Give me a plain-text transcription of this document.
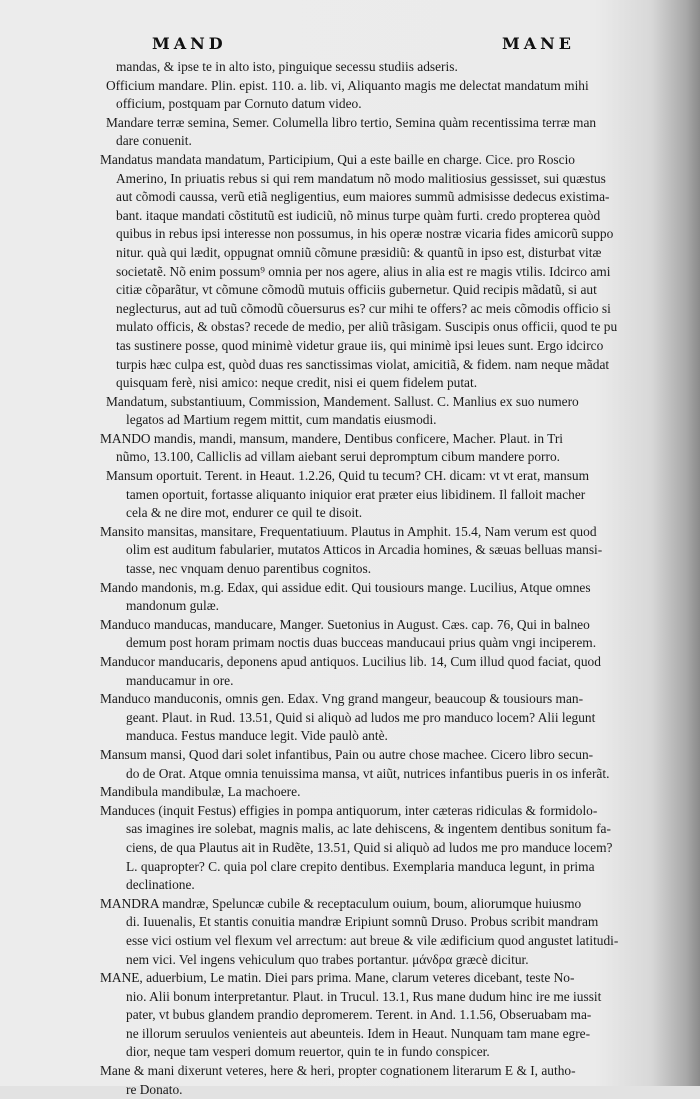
MAND	MANE
mandas, & ipse te in alto isto, pinguique secessu studiis adseris.
Officium mandare. Plin. epist. 110. a. lib. vi, Aliquanto magis me delectat mandatum mihi
officium, postquam par Cornuto datum video.
Mandare terræ semina, Semer. Columella libro tertio, Semina quàm recentissima terræ man
dare conuenit.
Mandatus mandata mandatum, Participium, Qui a este baille en charge. Cice. pro Roscio
Amerino, In priuatis rebus si qui rem mandatum nõ modo malitiosius gessisset, sui quæstus
aut cõmodi caussa, verũ etiã negligentius, eum maiores summũ admisisse dedecus existima-
bant. itaque mandati cõstitutũ est iudiciũ, nõ minus turpe quàm furti. credo propterea quòd
quibus in rebus ipsi interesse non possumus, in his operæ nostræ vicaria fides amicorũ suppo
nitur. quà qui lædit, oppugnat omniũ cõmune præsidiũ: & quantũ in ipso est, disturbat vitæ
societatẽ. Nõ enim possum⁹ omnia per nos agere, alius in alia est re magis vtilis. Idcirco ami
citiæ cõparãtur, vt cõmune cõmodũ mutuis officiis gubernetur. Quid recipis mãdatũ, si aut
neglecturus, aut ad tuũ cõmodũ cõuersurus es? cur mihi te offers? ac meis cõmodis officio si
mulato officis, & obstas? recede de medio, per aliũ trãsigam. Suscipis onus officii, quod te pu
tas sustinere posse, quod minimè videtur graue iis, qui minimè ipsi leues sunt. Ergo idcirco
turpis hæc culpa est, quòd duas res sanctissimas violat, amicitiã, & fidem. nam neque mãdat
quisquam ferè, nisi amico: neque credit, nisi ei quem fidelem putat.
Mandatum, substantiuum, Commission, Mandement. Sallust. C. Manlius ex suo numero
legatos ad Martium regem mittit, cum mandatis eiusmodi.
MANDO mandis, mandi, mansum, mandere, Dentibus conficere, Macher. Plaut. in Tri
nũmo, 13.100, Calliclis ad villam aiebant serui depromptum cibum mandere porro.
Mansum oportuit. Terent. in Heaut. 1.2.26, Quid tu tecum? CH. dicam: vt vt erat, mansum
tamen oportuit, fortasse aliquanto iniquior erat præter eius libidinem. Il falloit macher
cela & ne dire mot, endurer ce quil te disoit.
Mansito mansitas, mansitare, Frequentatiuum. Plautus in Amphit. 15.4, Nam verum est quod
olim est auditum fabularier, mutatos Atticos in Arcadia homines, & sæuas belluas mansi-
tasse, nec vnquam denuo parentibus cognitos.
Mando mandonis, m.g. Edax, qui assidue edit. Qui tousiours mange. Lucilius, Atque omnes
mandonum gulæ.
Manduco manducas, manducare, Manger. Suetonius in August. Cæs. cap. 76, Qui in balneo
demum post horam primam noctis duas bucceas manducaui prius quàm vngi inciperem.
Manducor manducaris, deponens apud antiquos. Lucilius lib. 14, Cum illud quod faciat, quod
manducamur in ore.
Manduco manduconis, omnis gen. Edax. Vng grand mangeur, beaucoup & tousiours man-
geant. Plaut. in Rud. 13.51, Quid si aliquò ad ludos me pro manduco locem? Alii legunt
manduca. Festus manduce legit. Vide paulò antè.
Mansum mansi, Quod dari solet infantibus, Pain ou autre chose machee. Cicero libro secun-
do de Orat. Atque omnia tenuissima mansa, vt aiũt, nutrices infantibus pueris in os inferãt.
Mandibula mandibulæ, La machoere.
Manduces (inquit Festus) effigies in pompa antiquorum, inter cæteras ridiculas & formidolo-
sas imagines ire solebat, magnis malis, ac late dehiscens, & ingentem dentibus sonitum fa-
ciens, de qua Plautus ait in Rudẽte, 13.51, Quid si aliquò ad ludos me pro manduce locem?
L. quapropter? C. quia pol clare crepito dentibus. Exemplaria manduca legunt, in prima
declinatione.
MANDRA mandræ, Speluncæ cubile & receptaculum ouium, boum, aliorumque huiusmo
di. Iuuenalis, Et stantis conuitia mandræ Eripiunt somnũ Druso. Probus scribit mandram
esse vici ostium vel flexum vel arrectum: aut breue & vile ædificium quod angustet latitudi-
nem vici. Vel ingens vehiculum quo trabes portantur. μάνδρα græcè dicitur.
MANE, aduerbium, Le matin. Diei pars prima. Mane, clarum veteres dicebant, teste No-
nio. Alii bonum interpretantur. Plaut. in Trucul. 13.1, Rus mane dudum hinc ire me iussit
pater, vt bubus glandem prandio depromerem. Terent. in And. 1.1.56, Obseruabam ma-
ne illorum seruulos venienteis aut abeunteis. Idem in Heaut. Nunquam tam mane egre-
dior, neque tam vesperi domum reuertor, quin te in fundo conspicer.
Mane & mani dixerunt veteres, here & heri, propter cognationem literarum E & I, autho-
re Donato.
